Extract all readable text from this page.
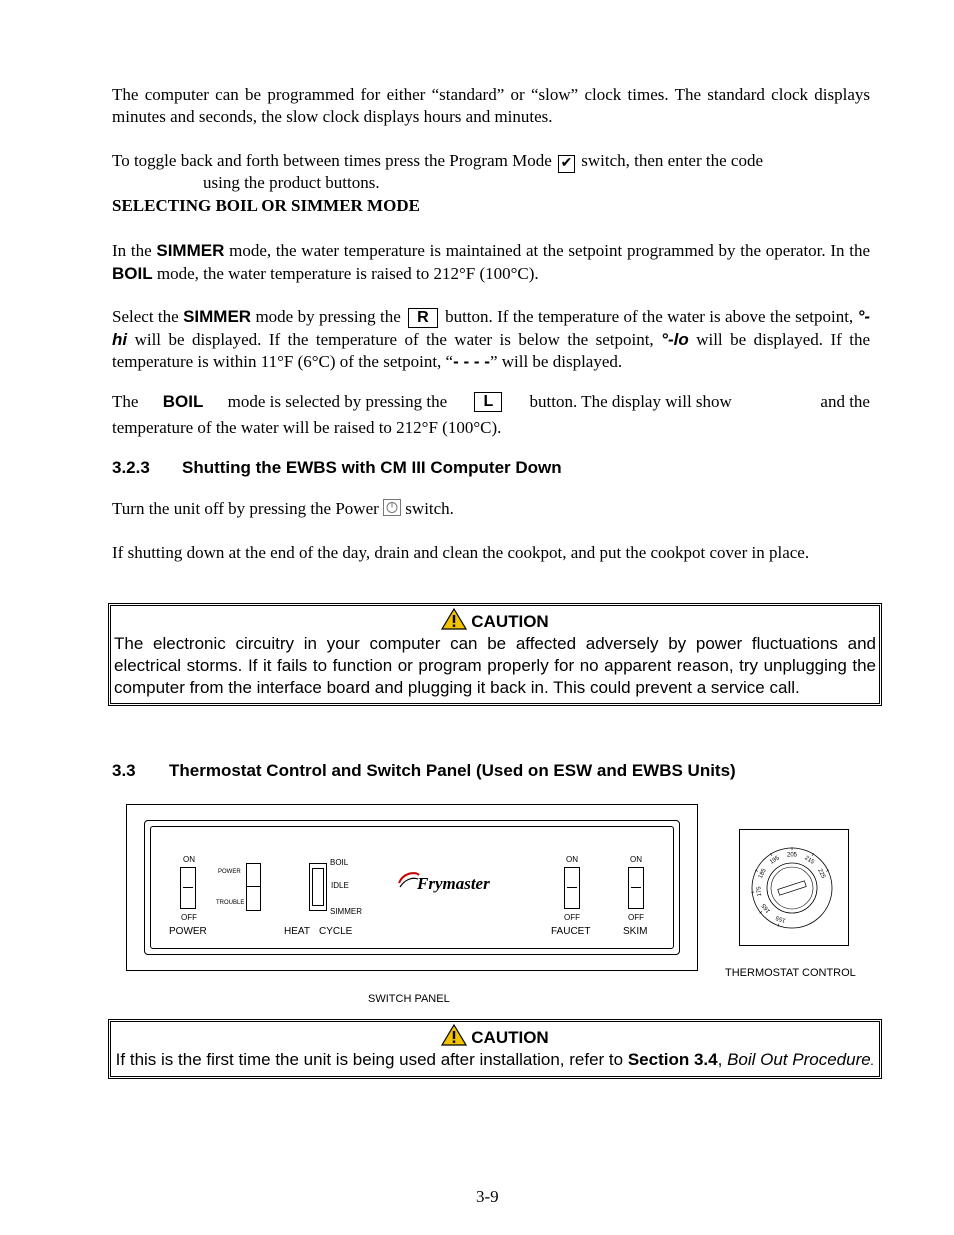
The computer can be programmed for either “standard” or “slow” clock times. The standard clock displays minutes and seconds, the slow clock displays hours and minutes.
To toggle back and forth between times press the Program Mode ✔ switch, then enter the code
using the product buttons.
SELECTING BOIL OR SIMMER MODE
In the SIMMER mode, the water temperature is maintained at the setpoint programmed by the operator. In the BOIL mode, the water temperature is raised to 212°F (100°C).
Select the SIMMER mode by pressing the R button. If the temperature of the water is above the setpoint, °-hi will be displayed. If the temperature of the water is below the setpoint, °-lo will be displayed. If the temperature is within 11°F (6°C) of the setpoint, “- - - -” will be displayed.
The BOIL mode is selected by pressing the	L	button. The display will show	and the
temperature of the water will be raised to 212°F (100°C).
3.2.3 Shutting the EWBS with CM III Computer Down
Turn the unit off by pressing the Power switch.
If shutting down at the end of the day, drain and clean the cookpot, and put the cookpot cover in place.
CAUTION
The electronic circuitry in your computer can be affected adversely by power fluctuations and electrical storms. If it fails to function or program properly for no apparent reason, try unplugging the computer from the interface board and plugging it back in. This could prevent a service call.
3.3 Thermostat Control and Switch Panel (Used on ESW and EWBS Units)
ON
OFF
POWER
POWER
TROUBLE
BOIL
IDLE
SIMMER
HEAT CYCLE
Frymaster
ON
OFF
FAUCET
ON
OFF
SKIM
SWITCH PANEL
155
165
175
185
195 205 215
225
THERMOSTAT CONTROL
CAUTION
If this is the first time the unit is being used after installation, refer to Section 3.4, Boil Out Procedure.
3-9
